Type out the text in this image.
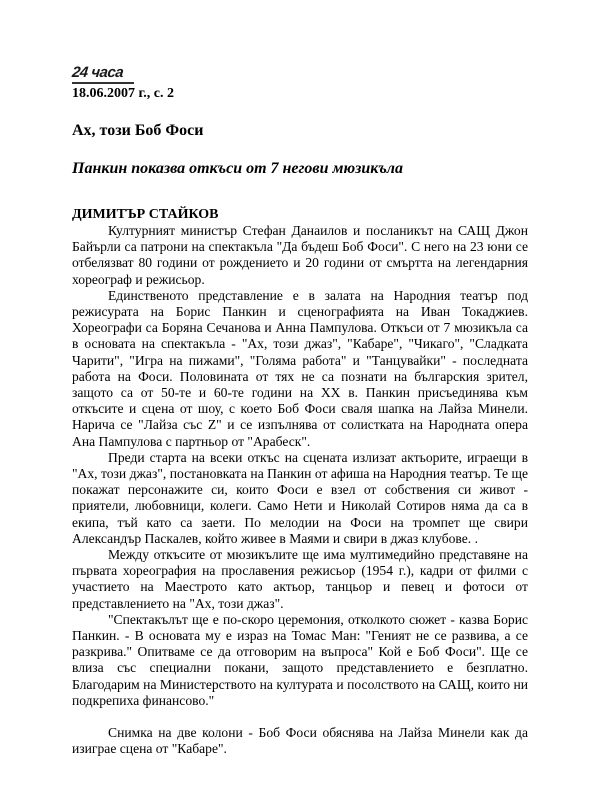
24 часа
18.06.2007 г., с. 2
Ах, този Боб Фоси
Панкин показва откъси от 7 негови мюзикъла
ДИМИТЪР СТАЙКОВ

Културният министър Стефан Данаилов и посланикът на САЩ Джон Байърли са патрони на спектакъла "Да бъдеш Боб Фоси". С него на 23 юни се отбелязват 80 години от рождението и 20 години от смъртта на легендарния хореограф и режисьор.

Единственото представление е в залата на Народния театър под режисурата на Борис Панкин и сценографията на Иван Токаджиев. Хореографи са Боряна Сечанова и Анна Пампулова. Откъси от 7 мюзикъла са в основата на спектакъла - "Ах, този джаз", "Кабаре", "Чикаго", "Сладката Чарити", "Игра на пижами", "Голяма работа" и "Танцувайки" - последната работа на Фоси. Половината от тях не са познати на българския зрител, защото са от 50-те и 60-те години на XX в. Панкин присъединява към откъсите и сцена от шоу, с което Боб Фоси сваля шапка на Лайза Минели. Нарича се "Лайза със Z" и се изпълнява от солистката на Народната опера Ана Пампулова с партньор от "Арабеск".

Преди старта на всеки откъс на сцената излизат актьорите, играещи в "Ах, този джаз", постановката на Панкин от афиша на Народния театър. Те ще покажат персонажите си, които Фоси е взел от собствения си живот - приятели, любовници, колеги. Само Нети и Николай Сотиров няма да са в екипа, тъй като са заети. По мелодии на Фоси на тромпет ще свири Александър Паскалев, който живее в Маями и свири в джаз клубове. .

Между откъсите от мюзикълите ще има мултимедийно представяне на първата хореография на прославения режисьор (1954 г.), кадри от филми с участието на Маестрото като актьор, танцьор и певец и фотоси от представлението на "Ах, този джаз".

"Спектакълът ще е по-скоро церемония, отколкото сюжет - казва Борис Панкин. - В основата му е израз на Томас Ман: "Геният не се развива, а се разкрива." Опитваме се да отговорим на въпроса" Кой е Боб Фоси". Ще се влиза със специални покани, защото представлението е безплатно. Благодарим на Министерството на културата и посолството на САЩ, които ни подкрепиха финансово."

Снимка на две колони - Боб Фоси обяснява на Лайза Минели как да изиграе сцена от "Кабаре".
